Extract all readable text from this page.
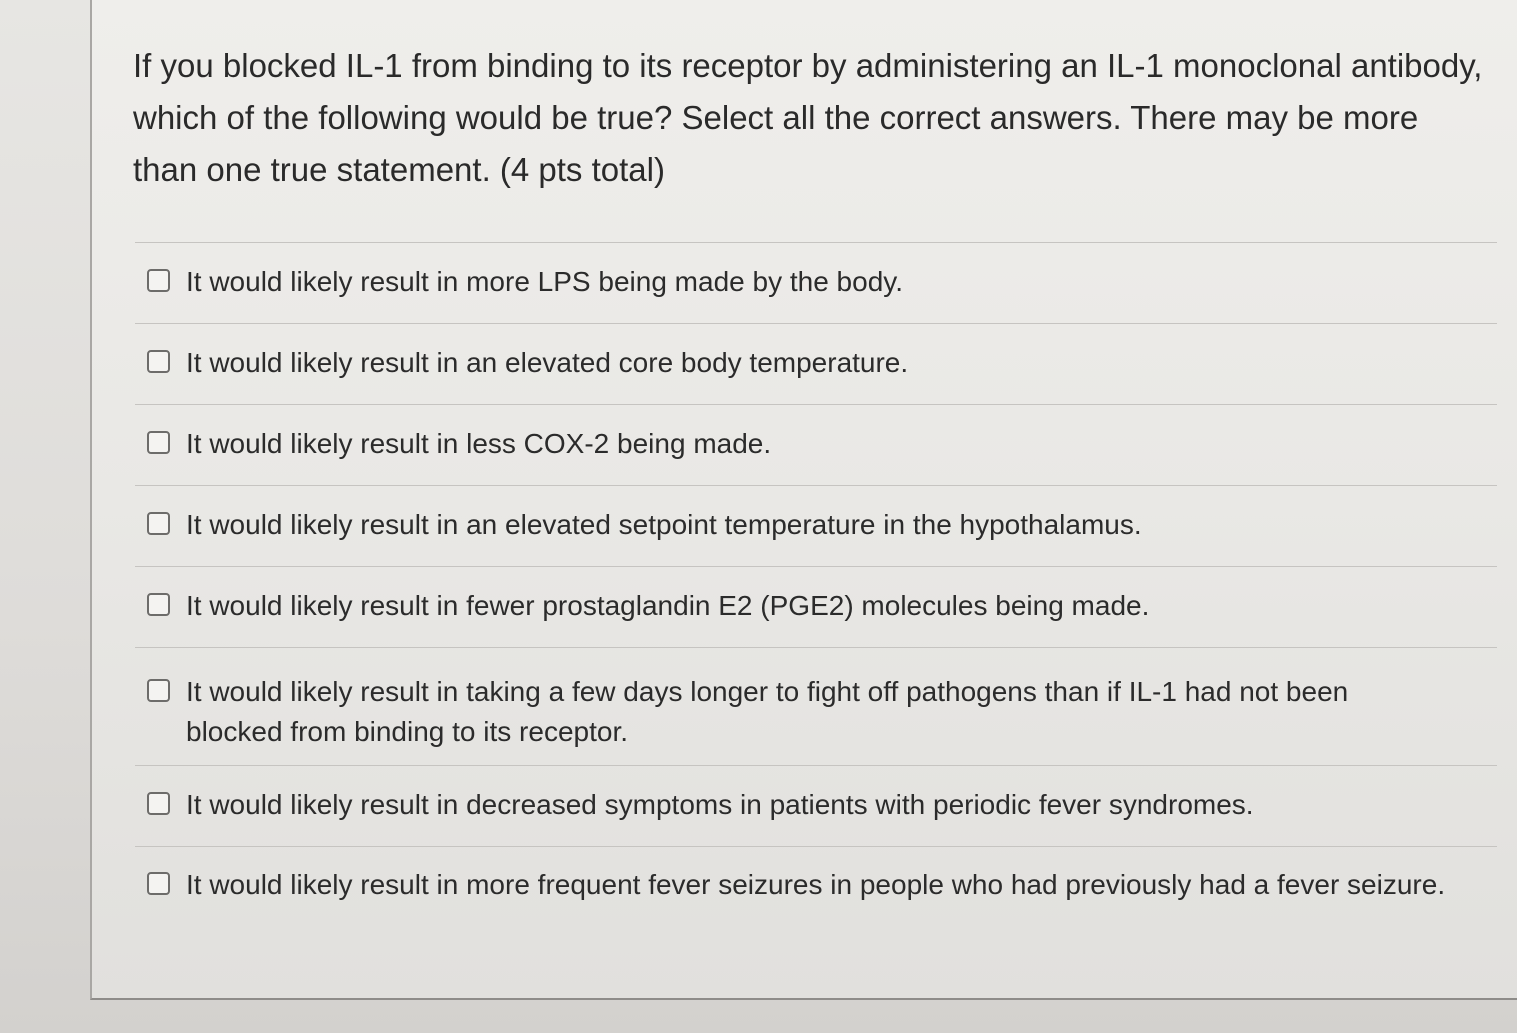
If you blocked IL-1 from binding to its receptor by administering an IL-1 monoclonal antibody, which of the following would be true? Select all the correct answers. There may be more than one true statement. (4 pts total)

It would likely result in more LPS being made by the body.
It would likely result in an elevated core body temperature.
It would likely result in less COX-2 being made.
It would likely result in an elevated setpoint temperature in the hypothalamus.
It would likely result in fewer prostaglandin E2 (PGE2) molecules being made.
It would likely result in taking a few days longer to fight off pathogens than if IL-1 had not been blocked from binding to its receptor.
It would likely result in decreased symptoms in patients with periodic fever syndromes.
It would likely result in more frequent fever seizures in people who had previously had a fever seizure.
